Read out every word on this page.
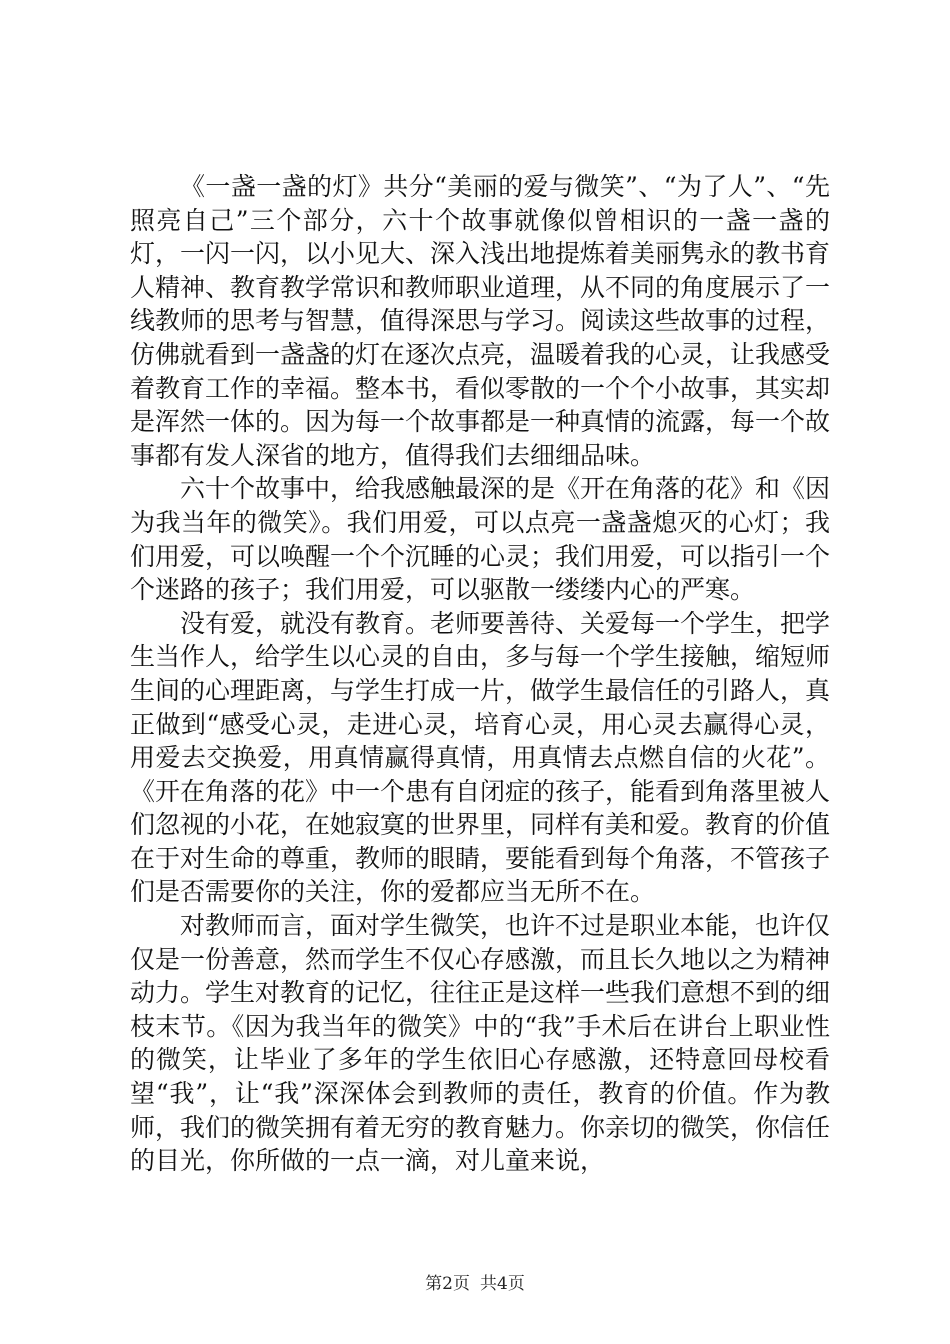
《一盏一盏的灯》共分“美丽的爱与微笑”、“为了人”、“先照亮自己”三个部分，六十个故事就像似曾相识的一盏一盏的灯，一闪一闪，以小见大、深入浅出地提炼着美丽隽永的教书育人精神、教育教学常识和教师职业道理，从不同的角度展示了一线教师的思考与智慧，值得深思与学习。阅读这些故事的过程，仿佛就看到一盏盏的灯在逐次点亮，温暖着我的心灵，让我感受着教育工作的幸福。整本书，看似零散的一个个小故事，其实却是浑然一体的。因为每一个故事都是一种真情的流露，每一个故事都有发人深省的地方，值得我们去细细品味。

六十个故事中，给我感触最深的是《开在角落的花》和《因为我当年的微笑》。我们用爱，可以点亮一盏盏熄灭的心灯；我们用爱，可以唤醒一个个沉睡的心灵；我们用爱，可以指引一个个迷路的孩子；我们用爱，可以驱散一缕缕内心的严寒。

没有爱，就没有教育。老师要善待、关爱每一个学生，把学生当作人，给学生以心灵的自由，多与每一个学生接触，缩短师生间的心理距离，与学生打成一片，做学生最信任的引路人，真正做到“感受心灵，走进心灵，培育心灵，用心灵去赢得心灵，用爱去交换爱，用真情赢得真情，用真情去点燃自信的火花”。《开在角落的花》中一个患有自闭症的孩子，能看到角落里被人们忽视的小花，在她寂寞的世界里，同样有美和爱。教育的价值在于对生命的尊重，教师的眼睛，要能看到每个角落，不管孩子们是否需要你的关注，你的爱都应当无所不在。

对教师而言，面对学生微笑，也许不过是职业本能，也许仅仅是一份善意，然而学生不仅心存感激，而且长久地以之为精神动力。学生对教育的记忆，往往正是这样一些我们意想不到的细枝末节。《因为我当年的微笑》中的“我”手术后在讲台上职业性的微笑，让毕业了多年的学生依旧心存感激，还特意回母校看望“我”，让“我”深深体会到教师的责任，教育的价值。作为教师，我们的微笑拥有着无穷的教育魅力。你亲切的微笑，你信任的目光，你所做的一点一滴，对儿童来说，

第2页 共4页
